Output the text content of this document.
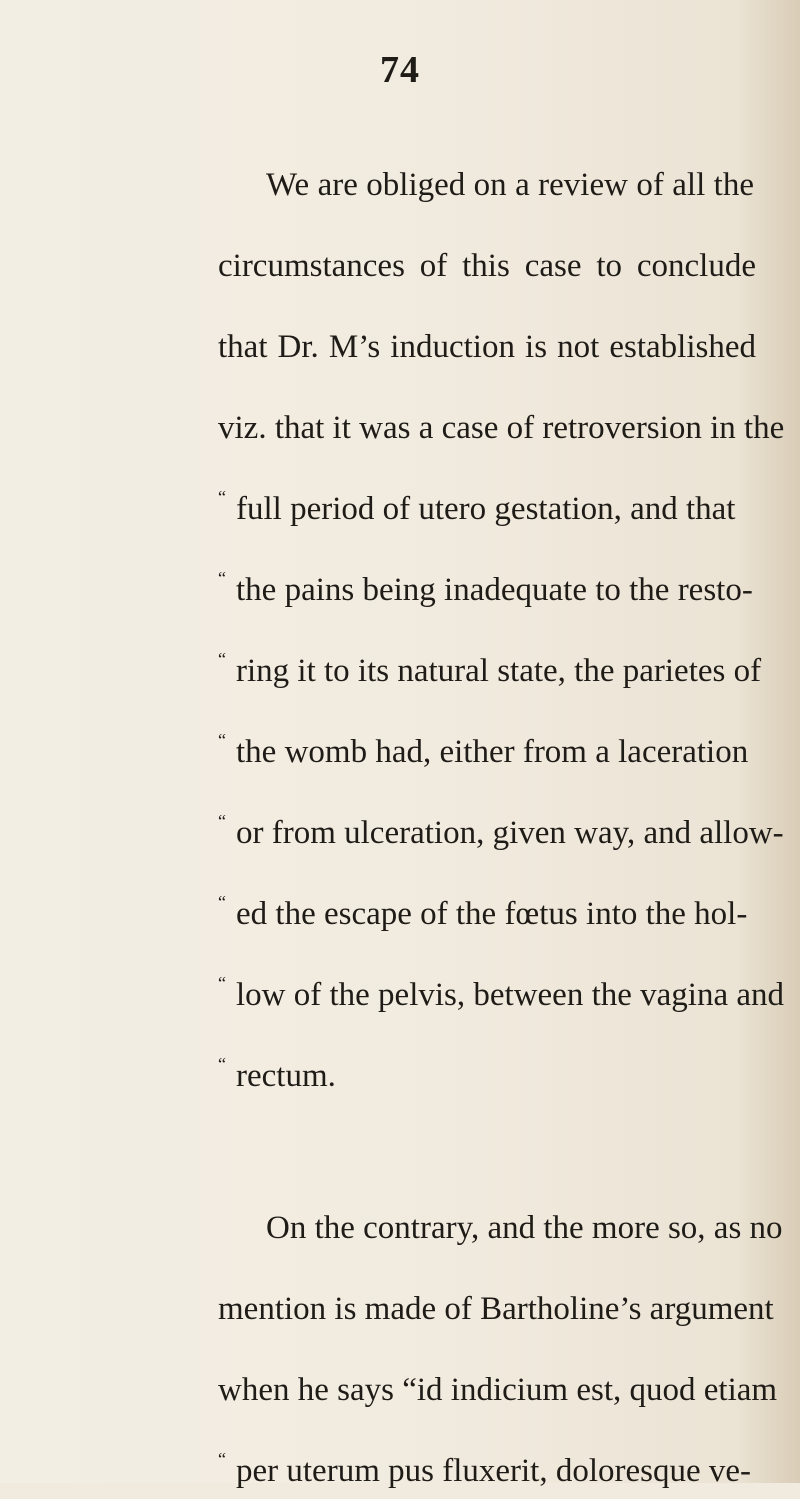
74
We are obliged on a review of all the
circumstances of this case to conclude
that Dr. M’s induction is not established
viz. that it was a case of retroversion in the
“ full period of utero gestation, and that
“ the pains being inadequate to the resto-
“ ring it to its natural state, the parietes of
“ the womb had, either from a laceration
“ or from ulceration, given way, and allow-
“ ed the escape of the fœtus into the hol-
“ low of the pelvis, between the vagina and
“ rectum.
On the contrary, and the more so, as no
mention is made of Bartholine’s argument
when he says “id indicium est, quod etiam
“ per uterum pus fluxerit, doloresque ve-
